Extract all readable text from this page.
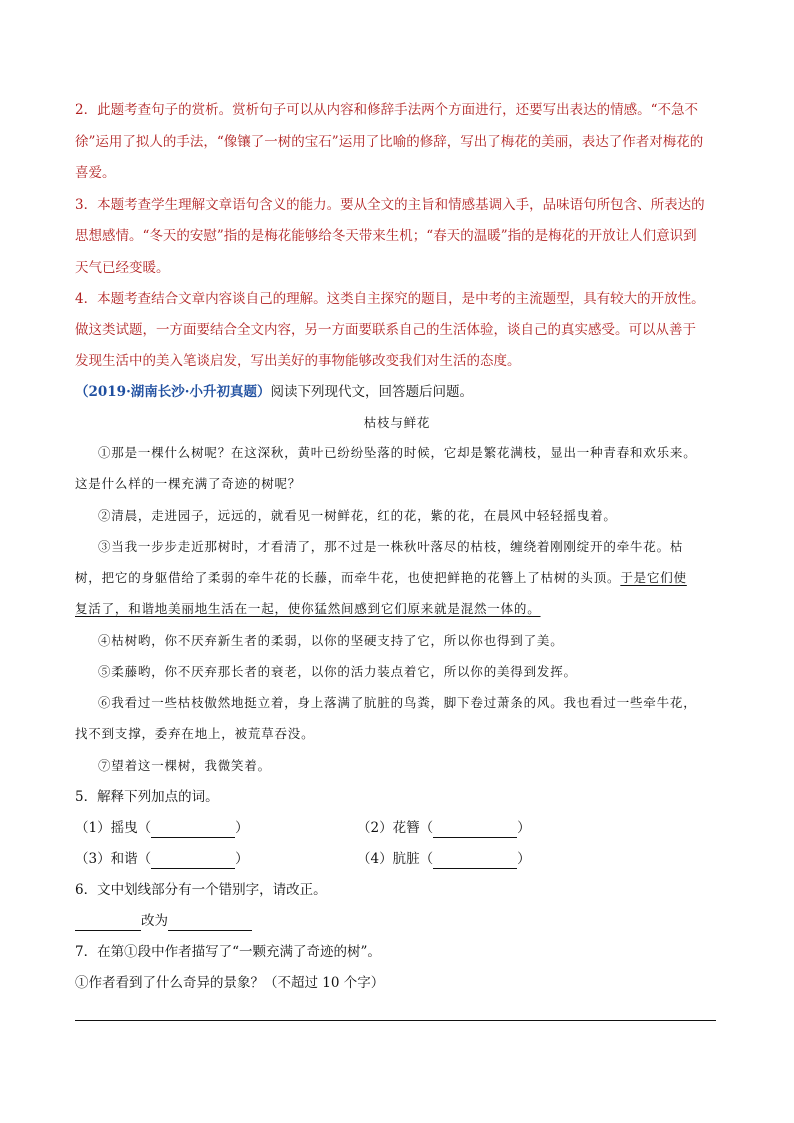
2．此题考查句子的赏析。赏析句子可以从内容和修辞手法两个方面进行，还要写出表达的情感。“不急不
徐”运用了拟人的手法，“像镶了一树的宝石”运用了比喻的修辞，写出了梅花的美丽，表达了作者对梅花的
喜爱。
3．本题考查学生理解文章语句含义的能力。要从全文的主旨和情感基调入手，品味语句所包含、所表达的
思想感情。“冬天的安慰”指的是梅花能够给冬天带来生机；“春天的温暖”指的是梅花的开放让人们意识到
天气已经变暖。
4．本题考查结合文章内容谈自己的理解。这类自主探究的题目，是中考的主流题型，具有较大的开放性。
做这类试题，一方面要结合全文内容，另一方面要联系自己的生活体验，谈自己的真实感受。可以从善于
发现生活中的美入笔谈启发，写出美好的事物能够改变我们对生活的态度。
（2019·湖南长沙·小升初真题）阅读下列现代文，回答题后问题。
枯枝与鲜花
①那是一棵什么树呢？在这深秋，黄叶已纷纷坠落的时候，它却是繁花满枝，显出一种青春和欢乐来。
这是什么样的一棵充满了奇迹的树呢？
②清晨，走进园子，远远的，就看见一树鲜花，红的花，紫的花，在晨风中轻轻摇曳着。
③当我一步步走近那树时，才看清了，那不过是一株秋叶落尽的枯枝，缠绕着刚刚绽开的牵牛花。枯
树，把它的身躯借给了柔弱的牵牛花的长藤，而牵牛花，也使把鲜艳的花簪上了枯树的头顶。于是它们使
复活了，和谐地美丽地生活在一起，使你猛然间感到它们原来就是混然一体的。
④枯树哟，你不厌弃新生者的柔弱，以你的坚硬支持了它，所以你也得到了美。
⑤柔藤哟，你不厌弃那长者的衰老，以你的活力装点着它，所以你的美得到发挥。
⑥我看过一些枯枝傲然地挺立着，身上落满了肮脏的鸟粪，脚下卷过萧条的风。我也看过一些牵牛花，
找不到支撑，委弃在地上，被荒草吞没。
⑦望着这一棵树，我微笑着。
5．解释下列加点的词。
（1）摇曳（	）	（2）花簪（	）
（3）和谐（	）	（4）肮脏（	）
6．文中划线部分有一个错别字，请改正。
改为
7．在第①段中作者描写了“一颗充满了奇迹的树”。
①作者看到了什么奇异的景象？（不超过 10 个字）
